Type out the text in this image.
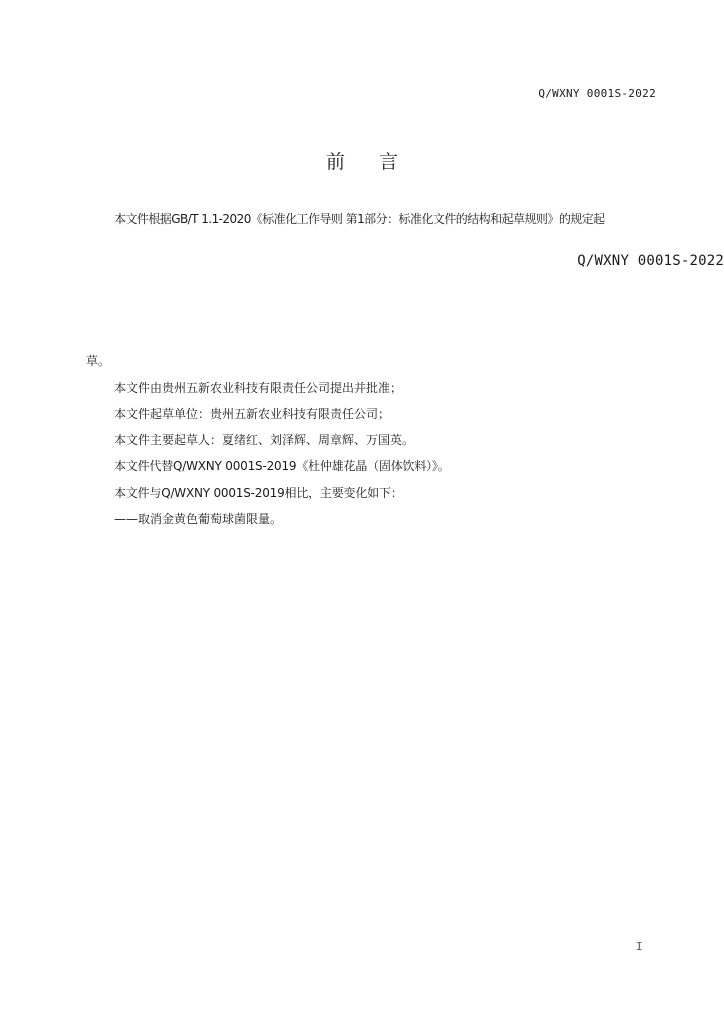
Q/WXNY 0001S-2022
前言
本文件根据GB/T 1.1-2020《标准化工作导则 第1部分：标准化文件的结构和起草规则》的规定起
Q/WXNY 0001S-2022
草。
本文件由贵州五新农业科技有限责任公司提出并批准；
本文件起草单位：贵州五新农业科技有限责任公司；
本文件主要起草人：夏绪红、刘泽辉、周章辉、万国英。
本文件代替Q/WXNY 0001S-2019《杜仲雄花晶（固体饮料）》。
本文件与Q/WXNY 0001S-2019相比，主要变化如下：
——取消金黄色葡萄球菌限量。
I
